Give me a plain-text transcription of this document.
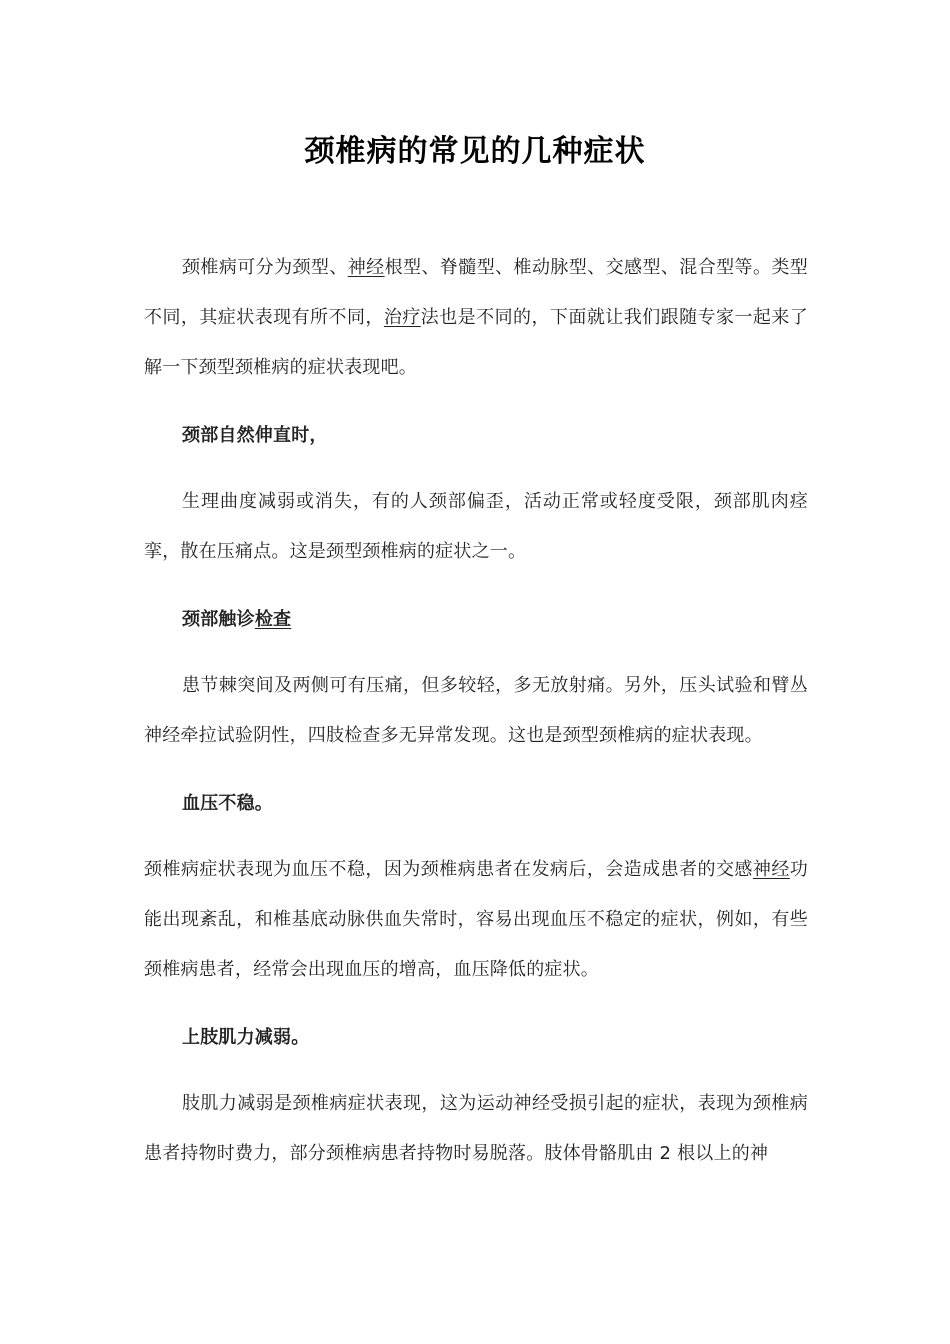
颈椎病的常见的几种症状

颈椎病可分为颈型、神经根型、脊髓型、椎动脉型、交感型、混合型等。类型不同，其症状表现有所不同，治疗法也是不同的，下面就让我们跟随专家一起来了解一下颈型颈椎病的症状表现吧。

颈部自然伸直时，

生理曲度减弱或消失，有的人颈部偏歪，活动正常或轻度受限，颈部肌肉痉挛，散在压痛点。这是颈型颈椎病的症状之一。

颈部触诊检查

患节棘突间及两侧可有压痛，但多较轻，多无放射痛。另外，压头试验和臂丛神经牵拉试验阴性，四肢检查多无异常发现。这也是颈型颈椎病的症状表现。

血压不稳。

颈椎病症状表现为血压不稳，因为颈椎病患者在发病后，会造成患者的交感神经功能出现紊乱，和椎基底动脉供血失常时，容易出现血压不稳定的症状，例如，有些颈椎病患者，经常会出现血压的增高，血压降低的症状。

上肢肌力减弱。

肢肌力减弱是颈椎病症状表现，这为运动神经受损引起的症状，表现为颈椎病患者持物时费力，部分颈椎病患者持物时易脱落。肢体骨骼肌由 2 根以上的神
